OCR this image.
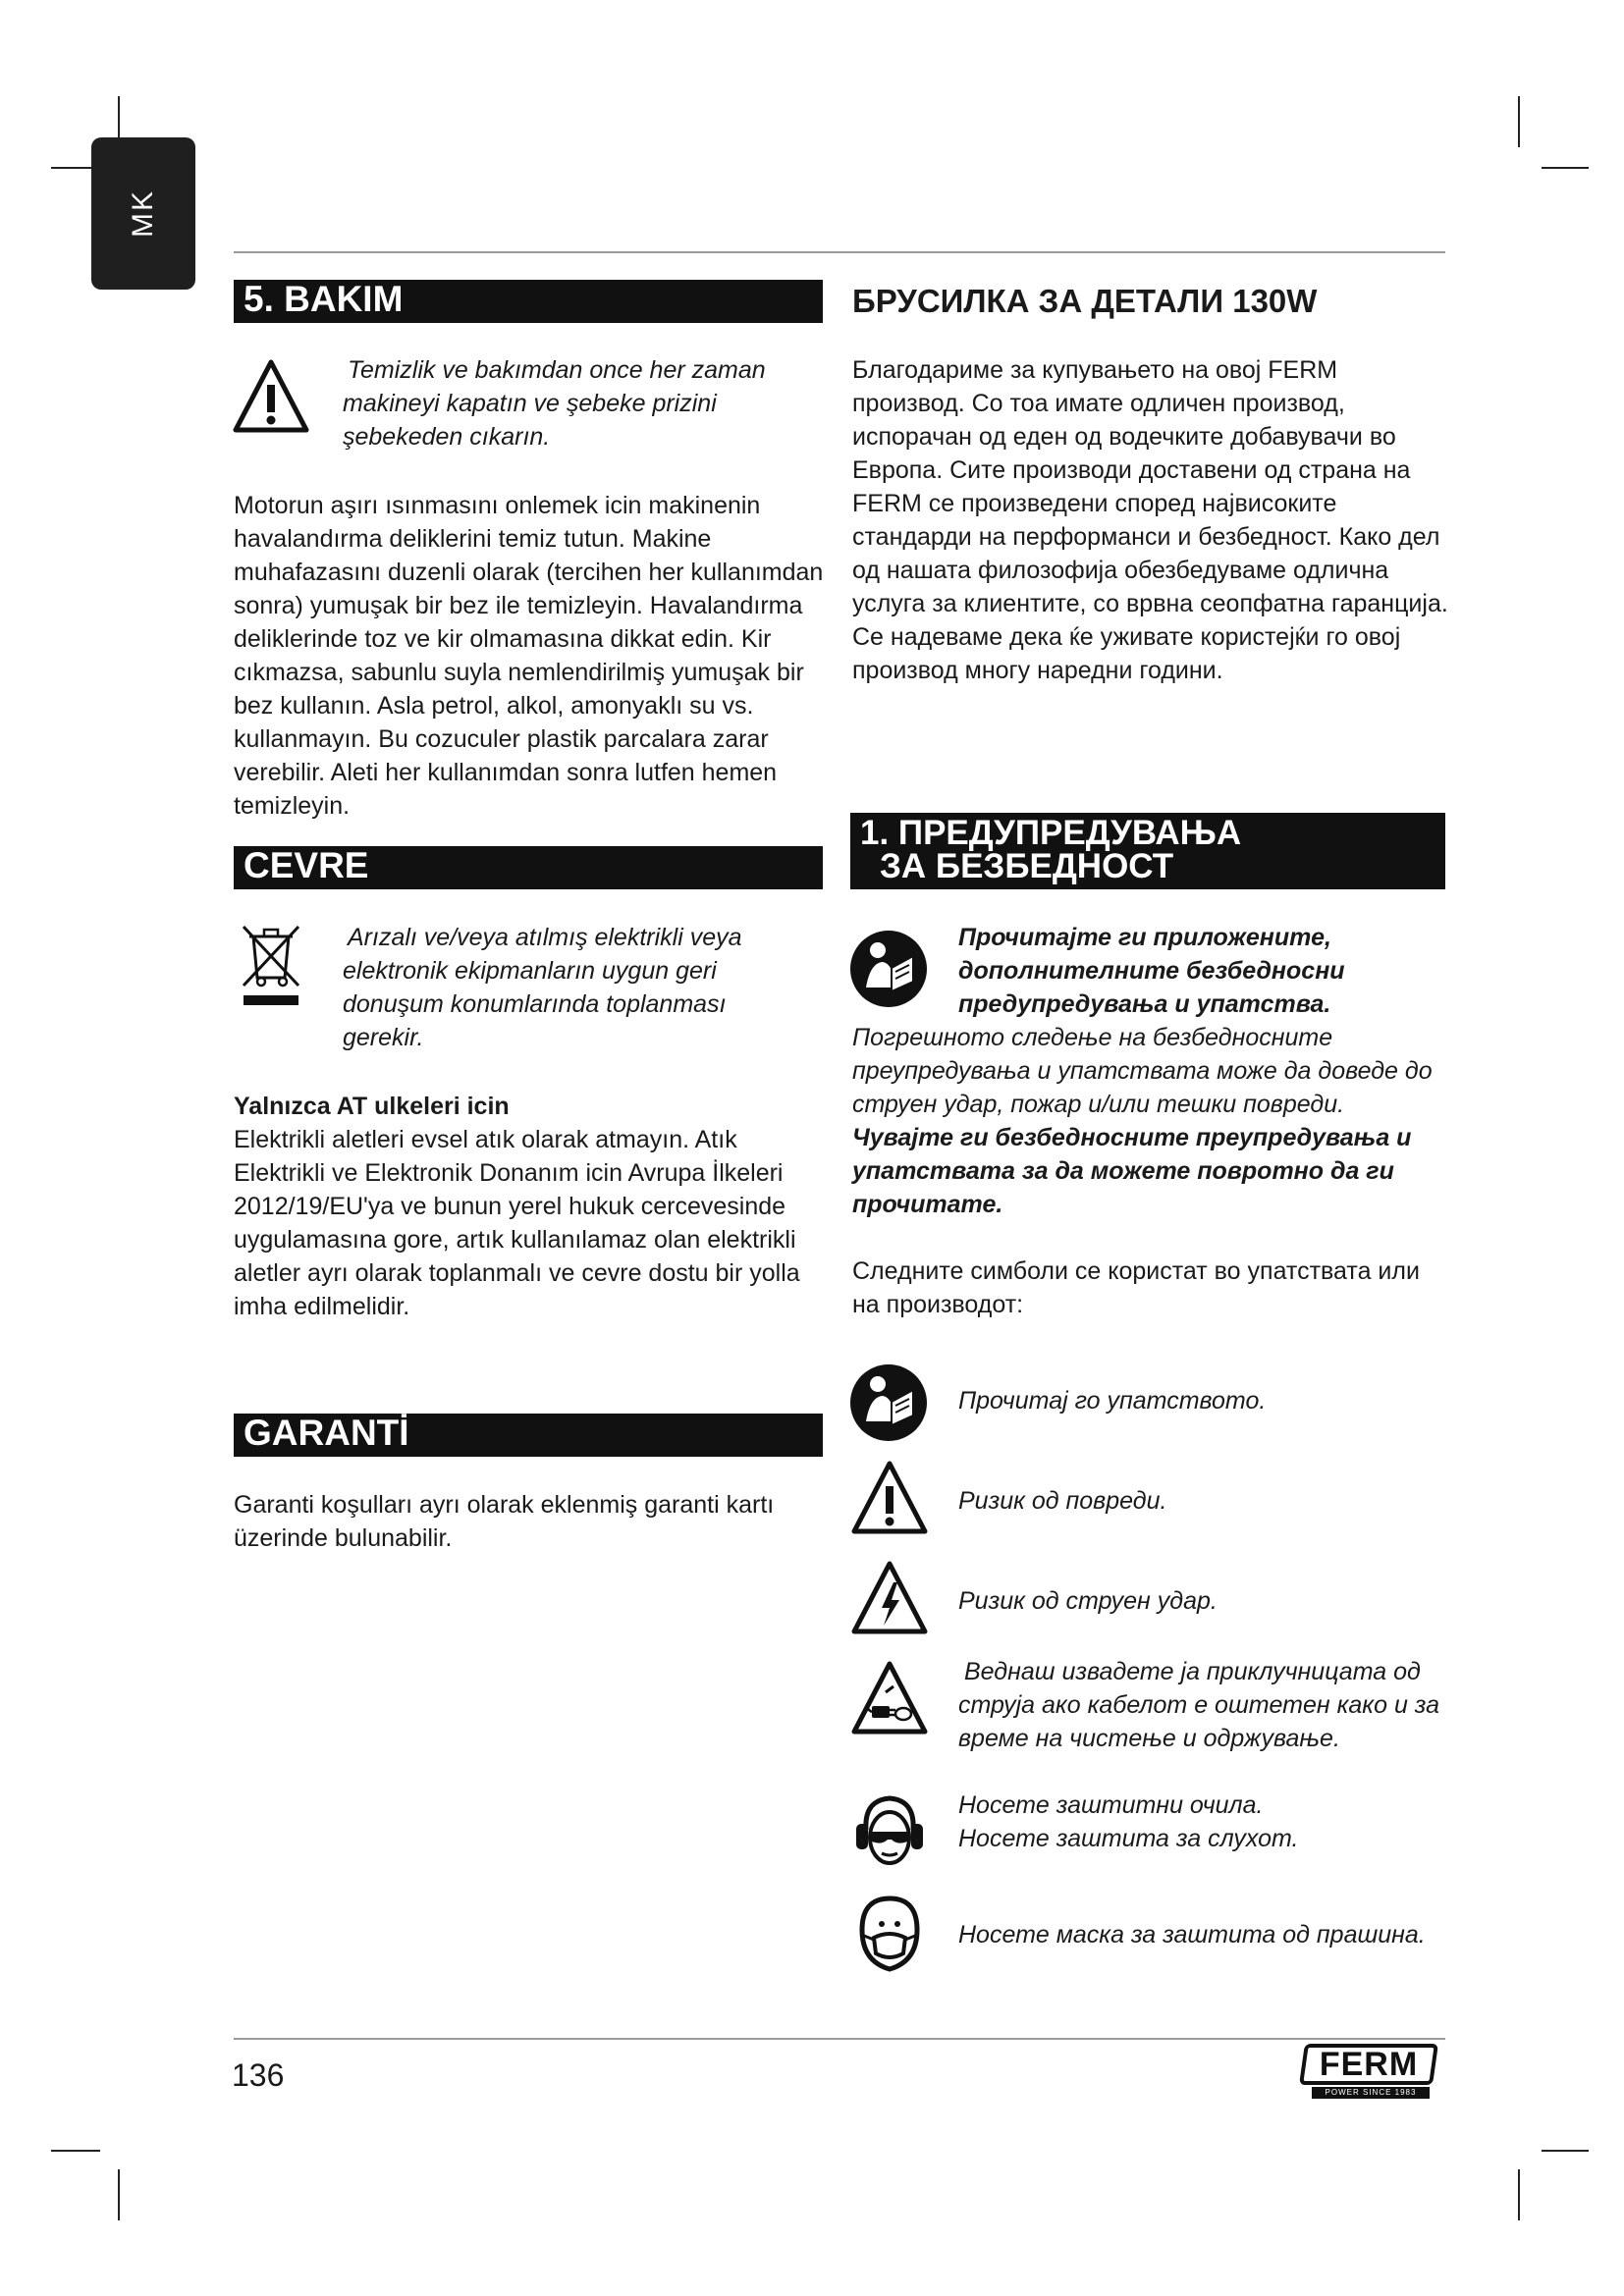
MK
5. BAKIM

Temizlik ve bakımdan once her zaman makineyi kapatın ve şebeke prizini şebekeden cıkarın.

Motorun aşırı ısınmasını onlemek icin makinenin havalandırma deliklerini temiz tutun. Makine muhafazasını duzenli olarak (tercihen her kullanımdan sonra) yumuşak bir bez ile temizleyin. Havalandırma deliklerinde toz ve kir olmamasına dikkat edin. Kir cıkmazsa, sabunlu suyla nemlendirilmiş yumuşak bir bez kullanın. Asla petrol, alkol, amonyaklı su vs. kullanmayın. Bu cozuculer plastik parcalara zarar verebilir. Aleti her kullanımdan sonra lutfen hemen temizleyin.

CEVRE

Arızalı ve/veya atılmış elektrikli veya elektronik ekipmanların uygun geri donuşum konumlarında toplanması gerekir.

Yalnızca AT ulkeleri icin

Elektrikli aletleri evsel atık olarak atmayın. Atık Elektrikli ve Elektronik Donanım icin Avrupa İlkeleri 2012/19/EU'ya ve bunun yerel hukuk cercevesinde uygulamasına gore, artık kullanılamaz olan elektrikli aletler ayrı olarak toplanmalı ve cevre dostu bir yolla imha edilmelidir.

GARANTİ

Garanti koşulları ayrı olarak eklenmiş garanti kartı üzerinde bulunabilir.

БРУСИЛКА ЗА ДЕТАЛИ 130W

Благодариме за купувањето на овој FERM производ. Со тоа имате одличен производ, испорачан од еден од водечките добавувачи во Европа. Сите производи доставени од страна на FERM се произведени според највисоките стандарди на перформанси и безбедност. Како дел од нашата филозофија обезбедуваме одлична услуга за клиентите, со врвна сеопфатна гаранција. Се надеваме дека ќе уживате користејќи го овој производ многу наредни години.

1. ПРЕДУПРЕДУВАЊА
ЗА БЕЗБЕДНОСТ

Прочитајте ги приложените, дополнителните безбедносни предупредувања и упатства.

Погрешното следење на безбедносните преупредувања и упатствата може да доведе до струен удар, пожар и/или тешки повреди.

Чувајте ги безбедносните преупредувања и упатствата за да можете повротно да ги прочитате.

Следните симболи се користат во упатствата или на производот:

Прочитај го упатството.

Ризик од повреди.

Ризик од струен удар.

Веднаш извадете ја приклучницата од струја ако кабелот е оштетен како и за време на чистење и одржување.

Носете заштитни очила.

Носете заштита за слухот.

Носете маска за заштита од прашина.

136	FERM
POWER SINCE 1983
